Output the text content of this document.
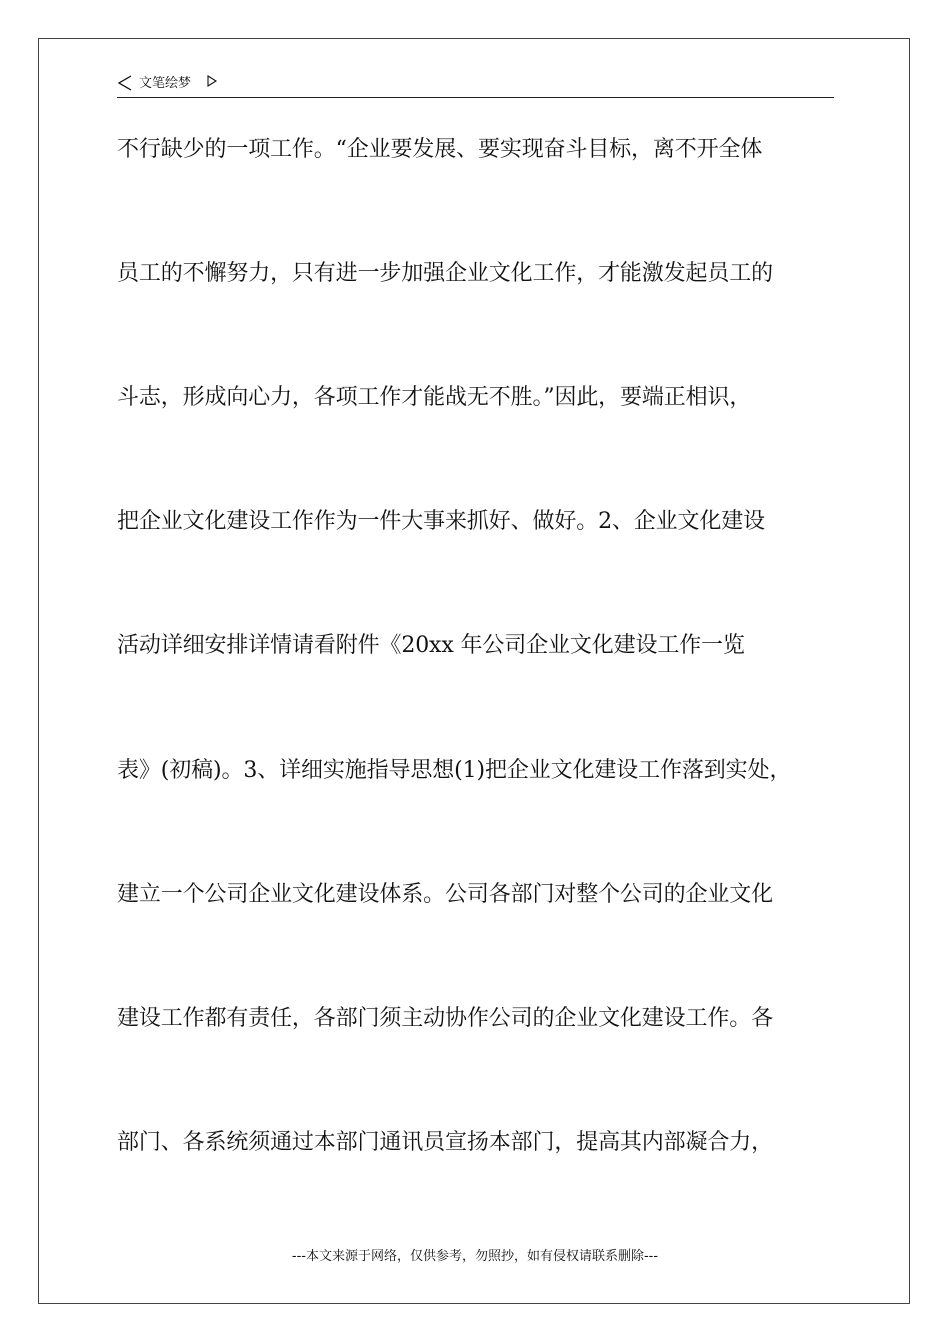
文笔绘梦
不行缺少的一项工作。“企业要发展、要实现奋斗目标，离不开全体
员工的不懈努力，只有进一步加强企业文化工作，才能激发起员工的
斗志，形成向心力，各项工作才能战无不胜。”因此，要端正相识，
把企业文化建设工作作为一件大事来抓好、做好。2、企业文化建设
活动详细安排详情请看附件《20xx 年公司企业文化建设工作一览
表》(初稿)。3、详细实施指导思想(1)把企业文化建设工作落到实处，
建立一个公司企业文化建设体系。公司各部门对整个公司的企业文化
建设工作都有责任，各部门须主动协作公司的企业文化建设工作。各
部门、各系统须通过本部门通讯员宣扬本部门，提高其内部凝合力，
---本文来源于网络，仅供参考，勿照抄，如有侵权请联系删除---
